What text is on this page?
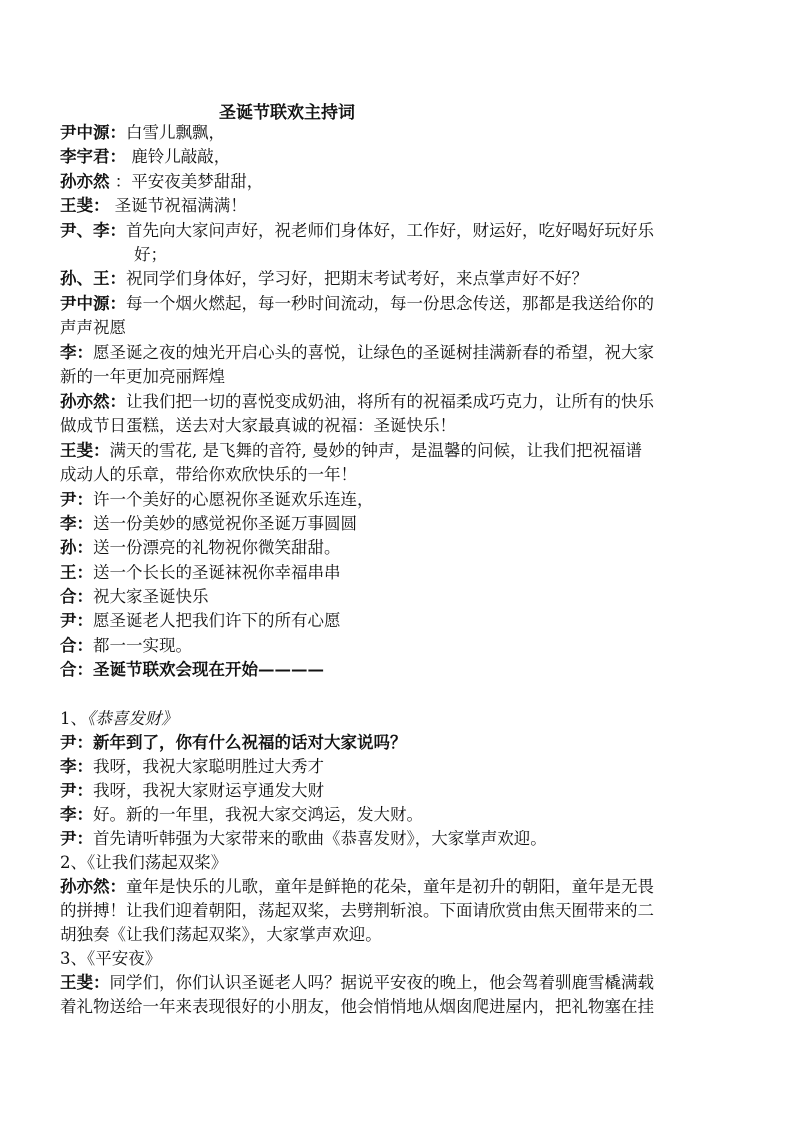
圣诞节联欢主持词
尹中源：白雪儿飘飘，
李宇君： 鹿铃儿敲敲，
孙亦然 ：平安夜美梦甜甜，
王斐： 圣诞节祝福满满！
尹、李：首先向大家问声好，祝老师们身体好，工作好，财运好，吃好喝好玩好乐
好；
孙、王：祝同学们身体好，学习好，把期末考试考好，来点掌声好不好？
尹中源：每一个烟火燃起，每一秒时间流动，每一份思念传送，那都是我送给你的
声声祝愿
李：愿圣诞之夜的烛光开启心头的喜悦，让绿色的圣诞树挂满新春的希望，祝大家
新的一年更加亮丽辉煌
孙亦然：让我们把一切的喜悦变成奶油，将所有的祝福柔成巧克力，让所有的快乐
做成节日蛋糕，送去对大家最真诚的祝福：圣诞快乐！
王斐：满天的雪花, 是飞舞的音符, 曼妙的钟声，是温馨的问候，让我们把祝福谱
成动人的乐章，带给你欢欣快乐的一年！
尹：许一个美好的心愿祝你圣诞欢乐连连，
李：送一份美妙的感觉祝你圣诞万事圆圆
孙：送一份漂亮的礼物祝你微笑甜甜。
王：送一个长长的圣诞袜祝你幸福串串
合：祝大家圣诞快乐
尹：愿圣诞老人把我们许下的所有心愿
合：都一一实现。
合：圣诞节联欢会现在开始————
1、《恭喜发财》
尹：新年到了，你有什么祝福的话对大家说吗？
李：我呀，我祝大家聪明胜过大秀才
尹：我呀，我祝大家财运亨通发大财
李：好。新的一年里，我祝大家交鸿运，发大财。
尹：首先请听韩强为大家带来的歌曲《恭喜发财》，大家掌声欢迎。
2、《让我们荡起双桨》
孙亦然：童年是快乐的儿歌，童年是鲜艳的花朵，童年是初升的朝阳，童年是无畏
的拼搏！让我们迎着朝阳，荡起双桨，去劈荆斩浪。下面请欣赏由焦天囿带来的二
胡独奏《让我们荡起双桨》，大家掌声欢迎。
3、《平安夜》
王斐：同学们，你们认识圣诞老人吗？据说平安夜的晚上，他会驾着驯鹿雪橇满载
着礼物送给一年来表现很好的小朋友，他会悄悄地从烟囱爬进屋内，把礼物塞在挂
